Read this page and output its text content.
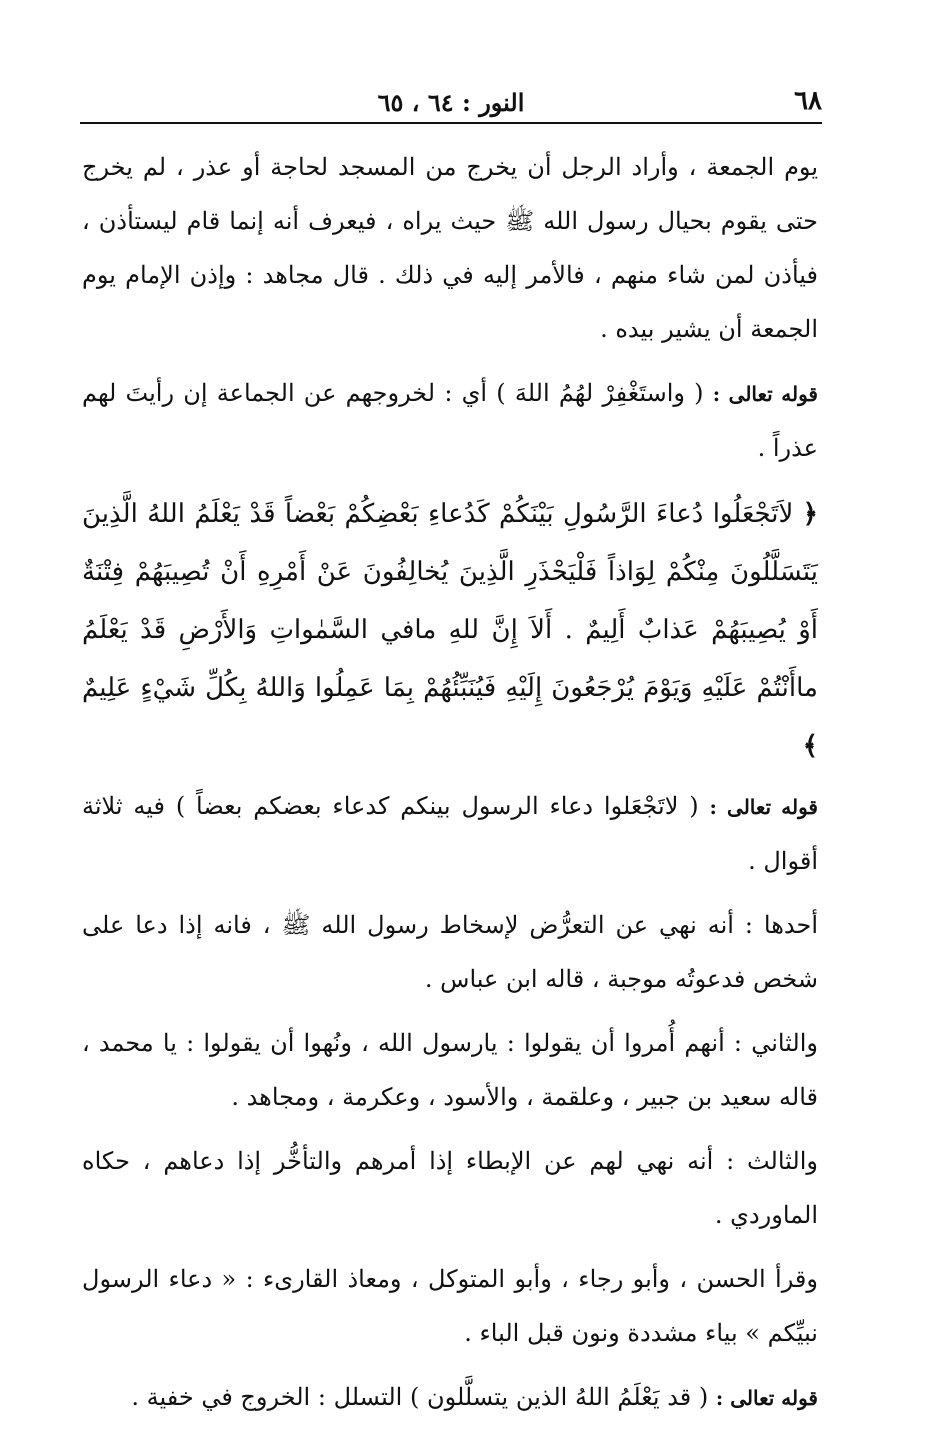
٦٨
النور : ٦٤ ، ٦٥

يوم الجمعة ، وأراد الرجل أن يخرج من المسجد لحاجة أو عذر ، لم يخرج حتى يقوم بحيال رسول الله ﷺ حيث يراه ، فيعرف أنه إنما قام ليستأذن ، فيأذن لمن شاء منهم ، فالأمر إليه في ذلك . قال مجاهد : وإذن الإمام يوم الجمعة أن يشير بيده .

قوله تعالى : ( واستَغْفِرْ لهُمُ اللهَ ) أي : لخروجهم عن الجماعة إن رأيتَ لهم عذراً .

﴿ لاَتَجْعَلُوا دُعاءَ الرَّسُولِ بَيْنَكُمْ كَدُعاءِ بَعْضِكُمْ بَعْضاً قَدْ يَعْلَمُ اللهُ الَّذِينَ يَتَسَلَّلُونَ مِنْكُمْ لِوَاذاً فَلْيَحْذَرِ الَّذِينَ يُخالِفُونَ عَنْ أَمْرِهِ أَنْ تُصِيبَهُمْ فِتْنَةٌ أَوْ يُصِيبَهُمْ عَذابٌ أَلِيمٌ . أَلاَ إِنَّ للهِ مافي السَّمٰواتِ وَالأَرْضِ قَدْ يَعْلَمُ ماأَنْتُمْ عَلَيْهِ وَيَوْمَ يُرْجَعُونَ إِلَيْهِ فَيُنَبِّئُهُمْ بِمَا عَمِلُوا وَاللهُ بِكُلِّ شَيْءٍ عَلِيمٌ ﴾

قوله تعالى : ( لاتَجْعَلوا دعاء الرسول بينكم كدعاء بعضكم بعضاً ) فيه ثلاثة أقوال .

أحدها : أنه نهي عن التعرُّض لإسخاط رسول الله ﷺ ، فانه إذا دعا على شخص فدعوتُه موجبة ، قاله ابن عباس .

والثاني : أنهم أُمروا أن يقولوا : يارسول الله ، ونُهوا أن يقولوا : يا محمد ، قاله سعيد بن جبير ، وعلقمة ، والأسود ، وعكرمة ، ومجاهد .

والثالث : أنه نهي لهم عن الإبطاء إذا أمرهم والتأخُّر إذا دعاهم ، حكاه الماوردي .

وقرأ الحسن ، وأبو رجاء ، وأبو المتوكل ، ومعاذ القارىء : « دعاء الرسول نبيِّكم » بياء مشددة ونون قبل الباء .

قوله تعالى : ( قد يَعْلَمُ اللهُ الذين يتسلَّلون ) التسلل : الخروج في خفية .
